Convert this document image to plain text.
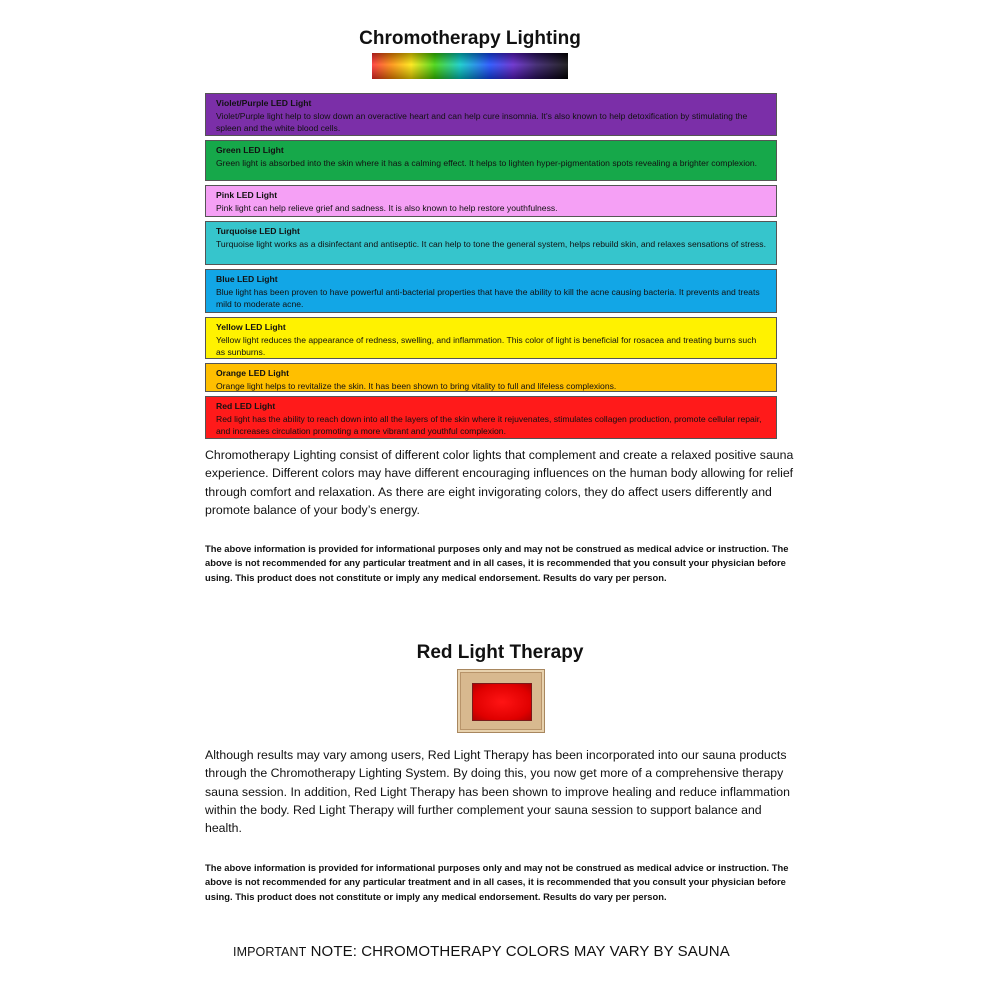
Chromotherapy Lighting
Violet/Purple LED Light
Violet/Purple light help to slow down an overactive heart and can help cure insomnia. It's also known to help detoxification by stimulating the spleen and the white blood cells.
Green LED Light
Green light is absorbed into the skin where it has a calming effect. It helps to lighten hyper-pigmentation spots revealing a brighter complexion.
Pink LED Light
Pink light can help relieve grief and sadness. It is also known to help restore youthfulness.
Turquoise LED Light
Turquoise light works as a disinfectant and antiseptic. It can help to tone the general system, helps rebuild skin, and relaxes sensations of stress.
Blue LED Light
Blue light has been proven to have powerful anti-bacterial properties that have the ability to kill the acne causing bacteria. It prevents and treats mild to moderate acne.
Yellow LED Light
Yellow light reduces the appearance of redness, swelling, and inflammation. This color of light is beneficial for rosacea and treating burns such as sunburns.
Orange LED Light
Orange light helps to revitalize the skin. It has been shown to bring vitality to full and lifeless complexions.
Red LED Light
Red light has the ability to reach down into all the layers of the skin where it rejuvenates, stimulates collagen production, promote cellular repair, and increases circulation promoting a more vibrant and youthful complexion.

Chromotherapy Lighting consist of different color lights that complement and create a relaxed positive sauna experience. Different colors may have different encouraging influences on the human body allowing for relief through comfort and relaxation. As there are eight invigorating colors, they do affect users differently and promote balance of your body’s energy.

The above information is provided for informational purposes only and may not be construed as medical advice or instruction. The above is not recommended for any particular treatment and in all cases, it is recommended that you consult your physician before using. This product does not constitute or imply any medical endorsement. Results do vary per person.

Red Light Therapy

Although results may vary among users, Red Light Therapy has been incorporated into our sauna products through the Chromotherapy Lighting System. By doing this, you now get more of a comprehensive therapy sauna session. In addition, Red Light Therapy has been shown to improve healing and reduce inflammation within the body. Red Light Therapy will further complement your sauna session to support balance and health.

The above information is provided for informational purposes only and may not be construed as medical advice or instruction. The above is not recommended for any particular treatment and in all cases, it is recommended that you consult your physician before using. This product does not constitute or imply any medical endorsement. Results do vary per person.

IMPORTANT NOTE: CHROMOTHERAPY COLORS MAY VARY BY SAUNA
